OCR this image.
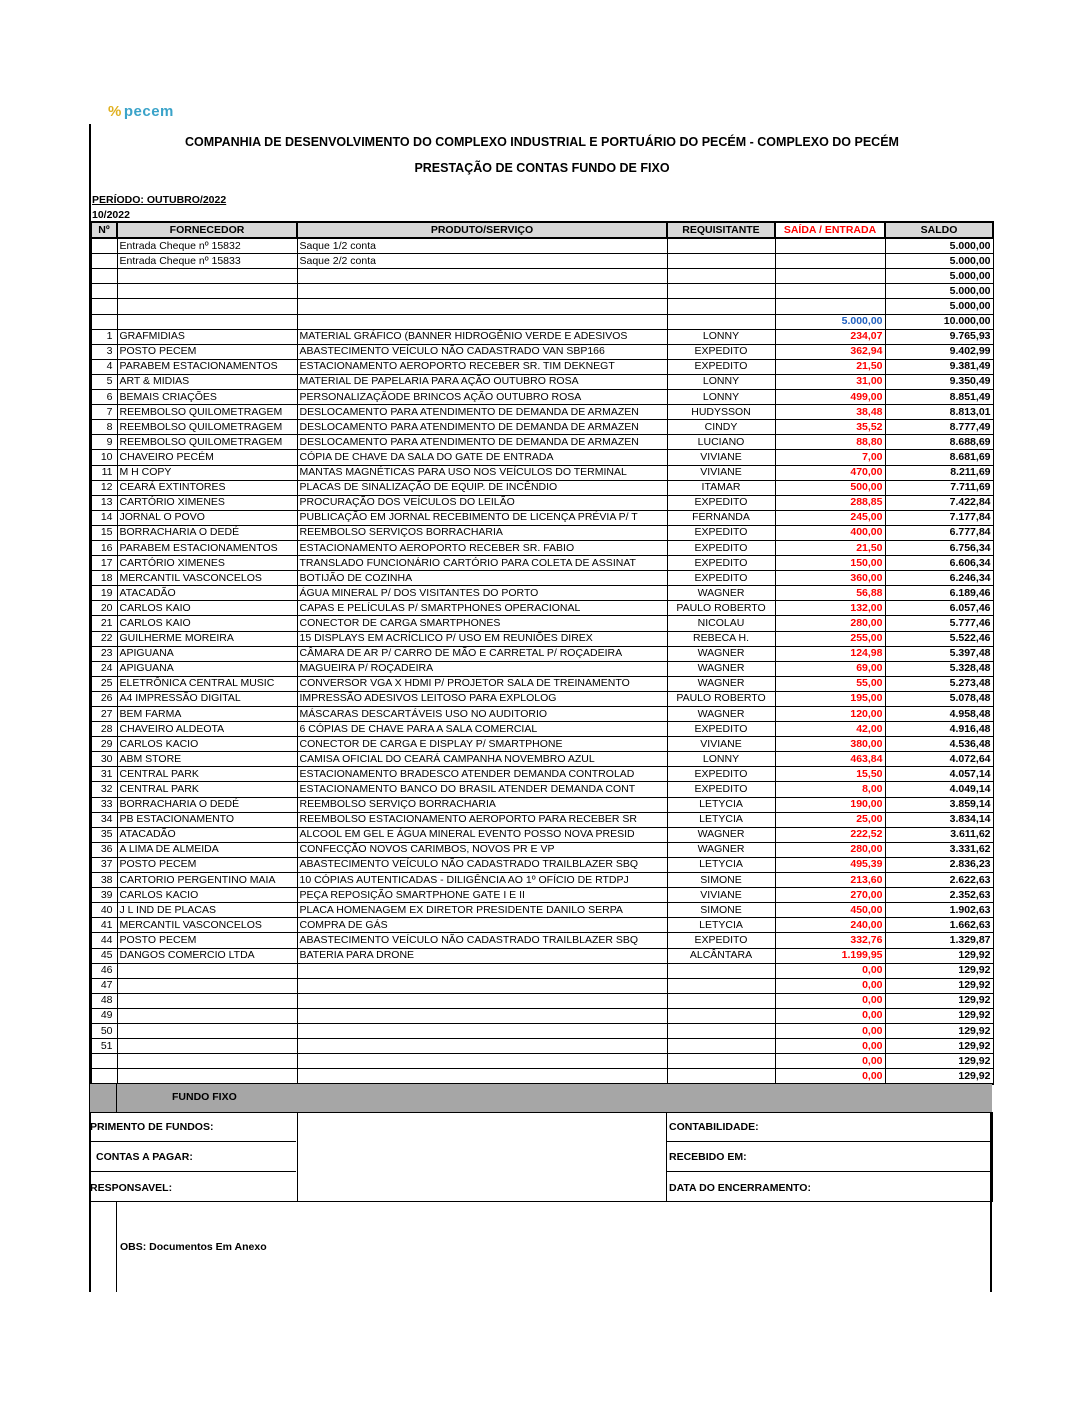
% pecem
COMPANHIA DE DESENVOLVIMENTO DO COMPLEXO INDUSTRIAL E PORTUÁRIO DO PECÉM - COMPLEXO DO PECÉM
PRESTAÇÃO DE CONTAS FUNDO DE FIXO
PERÍODO: OUTUBRO/2022
10/2022
Nº	FORNECEDOR	PRODUTO/SERVIÇO	REQUISITANTE	SAÍDA / ENTRADA	SALDO
	Entrada Cheque nº 15832	Saque 1/2 conta			5.000,00
	Entrada Cheque nº 15833	Saque 2/2 conta			5.000,00
					5.000,00
					5.000,00
					5.000,00
				5.000,00	10.000,00
1	GRAFMIDIAS	MATERIAL GRÁFICO (BANNER HIDROGÊNIO VERDE E ADESIVOS	LONNY	234,07	9.765,93
3	POSTO PECEM	ABASTECIMENTO VEÍCULO NÃO CADASTRADO VAN SBP166	EXPEDITO	362,94	9.402,99
4	PARABEM ESTACIONAMENTOS	ESTACIONAMENTO AEROPORTO RECEBER SR. TIM DEKNEGT	EXPEDITO	21,50	9.381,49
5	ART & MIDIAS	MATERIAL DE PAPELARIA PARA AÇÃO OUTUBRO ROSA	LONNY	31,00	9.350,49
6	BEMAIS CRIAÇÕES	PERSONALIZAÇÃODE BRINCOS AÇÃO OUTUBRO ROSA	LONNY	499,00	8.851,49
7	REEMBOLSO QUILOMETRAGEM	DESLOCAMENTO PARA ATENDIMENTO DE DEMANDA DE ARMAZEN	HUDYSSON	38,48	8.813,01
8	REEMBOLSO QUILOMETRAGEM	DESLOCAMENTO PARA ATENDIMENTO DE DEMANDA DE ARMAZEN	CINDY	35,52	8.777,49
9	REEMBOLSO QUILOMETRAGEM	DESLOCAMENTO PARA ATENDIMENTO DE DEMANDA DE ARMAZEN	LUCIANO	88,80	8.688,69
10	CHAVEIRO PECÉM	CÓPIA DE CHAVE DA SALA DO GATE DE ENTRADA	VIVIANE	7,00	8.681,69
11	M H COPY	MANTAS MAGNÉTICAS PARA USO NOS VEÍCULOS DO TERMINAL	VIVIANE	470,00	8.211,69
12	CEARÁ EXTINTORES	PLACAS DE SINALIZAÇÃO DE EQUIP. DE INCÊNDIO	ITAMAR	500,00	7.711,69
13	CARTÓRIO XIMENES	PROCURAÇÃO DOS VEÍCULOS DO LEILÃO	EXPEDITO	288,85	7.422,84
14	JORNAL O POVO	PUBLICAÇÃO EM JORNAL RECEBIMENTO DE LICENÇA PRÉVIA P/ T	FERNANDA	245,00	7.177,84
15	BORRACHARIA O DEDÉ	REEMBOLSO SERVIÇOS BORRACHARIA	EXPEDITO	400,00	6.777,84
16	PARABEM ESTACIONAMENTOS	ESTACIONAMENTO AEROPORTO RECEBER SR. FABIO	EXPEDITO	21,50	6.756,34
17	CARTÓRIO XIMENES	TRANSLADO FUNCIONÁRIO CARTÓRIO PARA COLETA DE ASSINAT	EXPEDITO	150,00	6.606,34
18	MERCANTIL VASCONCELOS	BOTIJÃO DE COZINHA	EXPEDITO	360,00	6.246,34
19	ATACADÃO	ÁGUA MINERAL P/ DOS VISITANTES DO PORTO	WAGNER	56,88	6.189,46
20	CARLOS KAIO	CAPAS E PELÍCULAS P/ SMARTPHONES OPERACIONAL	PAULO ROBERTO	132,00	6.057,46
21	CARLOS KAIO	CONECTOR DE CARGA SMARTPHONES	NICOLAU	280,00	5.777,46
22	GUILHERME MOREIRA	15 DISPLAYS EM ACRÍCLICO P/ USO EM REUNIÕES DIREX	REBECA H.	255,00	5.522,46
23	APIGUANA	CÂMARA DE AR P/ CARRO DE MÃO E CARRETAL P/ ROÇADEIRA	WAGNER	124,98	5.397,48
24	APIGUANA	MAGUEIRA P/ ROÇADEIRA	WAGNER	69,00	5.328,48
25	ELETRÔNICA CENTRAL MUSIC	CONVERSOR VGA X HDMI P/ PROJETOR SALA DE TREINAMENTO	WAGNER	55,00	5.273,48
26	A4 IMPRESSÃO DIGITAL	IMPRESSÃO ADESIVOS LEITOSO PARA EXPLOLOG	PAULO ROBERTO	195,00	5.078,48
27	BEM FARMA	MÁSCARAS DESCARTÁVEIS USO NO AUDITORIO	WAGNER	120,00	4.958,48
28	CHAVEIRO ALDEOTA	6 CÓPIAS DE CHAVE PARA A SALA COMERCIAL	EXPEDITO	42,00	4.916,48
29	CARLOS KACIO	CONECTOR DE CARGA E DISPLAY P/ SMARTPHONE	VIVIANE	380,00	4.536,48
30	ABM STORE	CAMISA OFICIAL DO CEARÁ CAMPANHA NOVEMBRO AZUL	LONNY	463,84	4.072,64
31	CENTRAL PARK	ESTACIONAMENTO BRADESCO ATENDER DEMANDA CONTROLAD	EXPEDITO	15,50	4.057,14
32	CENTRAL PARK	ESTACIONAMENTO BANCO DO BRASIL ATENDER DEMANDA CONT	EXPEDITO	8,00	4.049,14
33	BORRACHARIA O DEDÉ	REEMBOLSO SERVIÇO BORRACHARIA	LETYCIA	190,00	3.859,14
34	PB ESTACIONAMENTO	REEMBOLSO ESTACIONAMENTO AEROPORTO PARA RECEBER SR	LETYCIA	25,00	3.834,14
35	ATACADÃO	ALCOOL EM GEL E ÁGUA MINERAL EVENTO POSSO NOVA PRESID	WAGNER	222,52	3.611,62
36	A LIMA DE ALMEIDA	CONFECÇÃO NOVOS CARIMBOS, NOVOS PR E VP	WAGNER	280,00	3.331,62
37	POSTO PECEM	ABASTECIMENTO VEÍCULO NÃO CADASTRADO TRAILBLAZER SBQ	LETYCIA	495,39	2.836,23
38	CARTORIO PERGENTINO MAIA	10 CÓPIAS AUTENTICADAS - DILIGÊNCIA AO 1º OFÍCIO DE RTDPJ	SIMONE	213,60	2.622,63
39	CARLOS KACIO	PEÇA REPOSIÇÃO SMARTPHONE GATE I E II	VIVIANE	270,00	2.352,63
40	J L IND DE PLACAS	PLACA HOMENAGEM EX DIRETOR PRESIDENTE DANILO SERPA	SIMONE	450,00	1.902,63
41	MERCANTIL VASCONCELOS	COMPRA DE GÁS	LETYCIA	240,00	1.662,63
44	POSTO PECEM	ABASTECIMENTO VEÍCULO NÃO CADASTRADO TRAILBLAZER SBQ	EXPEDITO	332,76	1.329,87
45	DANGOS COMERCIO LTDA	BATERIA PARA DRONE	ALCÂNTARA	1.199,95	129,92
46				0,00	129,92
47				0,00	129,92
48				0,00	129,92
49				0,00	129,92
50				0,00	129,92
51				0,00	129,92
				0,00	129,92
				0,00	129,92
FUNDO FIXO
PRIMENTO DE FUNDOS:
CONTAS A PAGAR:
RESPONSAVEL:
CONTABILIDADE:
RECEBIDO EM:
DATA DO ENCERRAMENTO:
OBS: Documentos Em Anexo
